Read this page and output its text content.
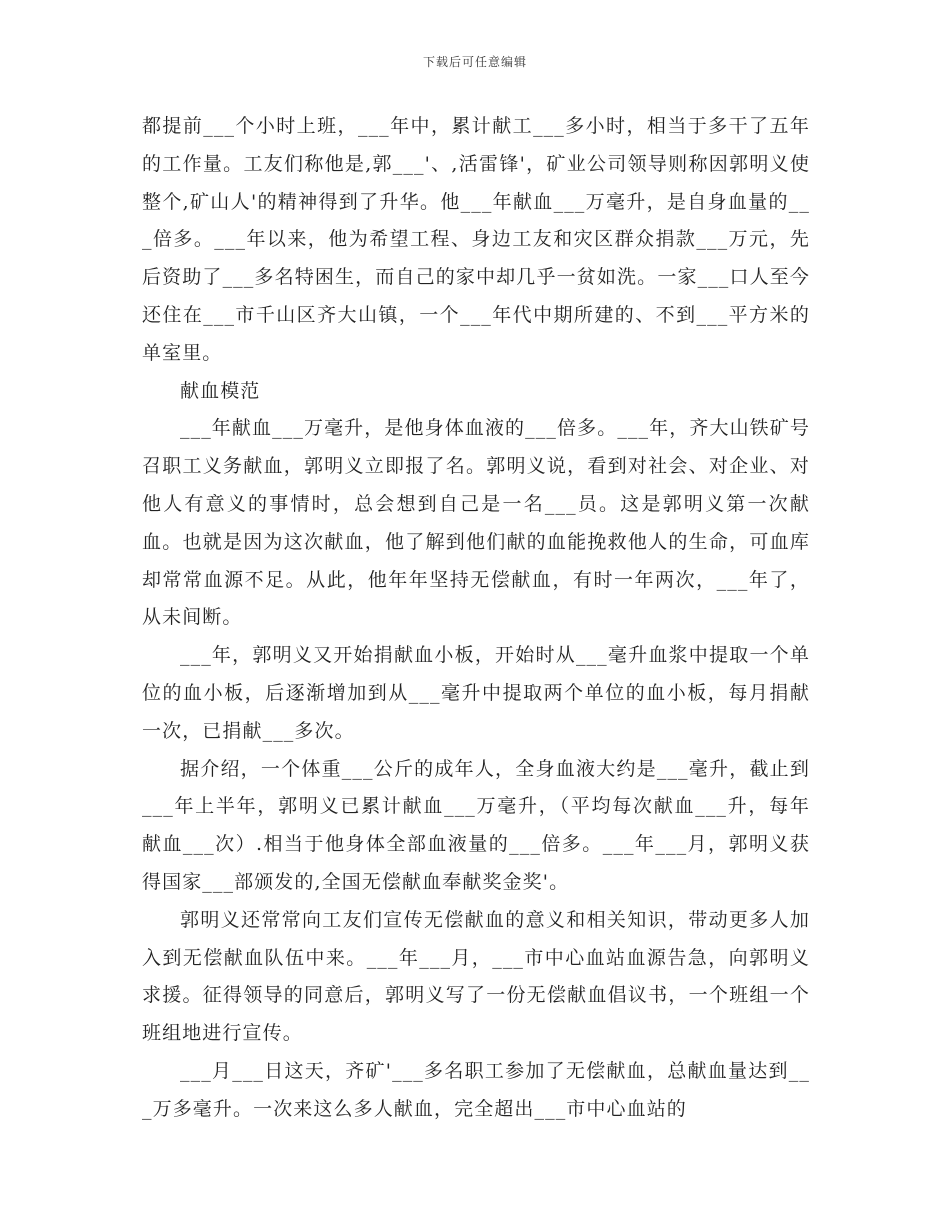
下载后可任意编辑

都提前___个小时上班，___年中，累计献工___多小时，相当于多干了五年的工作量。工友们称他是,郭___'、,活雷锋'，矿业公司领导则称因郭明义使整个,矿山人'的精神得到了升华。他___年献血___万毫升，是自身血量的___倍多。___年以来，他为希望工程、身边工友和灾区群众捐款___万元，先后资助了___多名特困生，而自己的家中却几乎一贫如洗。一家___口人至今还住在___市千山区齐大山镇，一个___年代中期所建的、不到___平方米的单室里。

献血模范

___年献血___万毫升，是他身体血液的___倍多。___年，齐大山铁矿号召职工义务献血，郭明义立即报了名。郭明义说，看到对社会、对企业、对他人有意义的事情时，总会想到自己是一名___员。这是郭明义第一次献血。也就是因为这次献血，他了解到他们献的血能挽救他人的生命，可血库却常常血源不足。从此，他年年坚持无偿献血，有时一年两次，___年了，从未间断。

___年，郭明义又开始捐献血小板，开始时从___毫升血浆中提取一个单位的血小板，后逐渐增加到从___毫升中提取两个单位的血小板，每月捐献一次，已捐献___多次。

据介绍，一个体重___公斤的成年人，全身血液大约是___毫升，截止到___年上半年，郭明义已累计献血___万毫升，（平均每次献血___升，每年献血___次）.相当于他身体全部血液量的___倍多。___年___月，郭明义获得国家___部颁发的,全国无偿献血奉献奖金奖'。

郭明义还常常向工友们宣传无偿献血的意义和相关知识，带动更多人加入到无偿献血队伍中来。___年___月，___市中心血站血源告急，向郭明义求援。征得领导的同意后，郭明义写了一份无偿献血倡议书，一个班组一个班组地进行宣传。

___月___日这天，齐矿'___多名职工参加了无偿献血，总献血量达到___万多毫升。一次来这么多人献血，完全超出___市中心血站的
